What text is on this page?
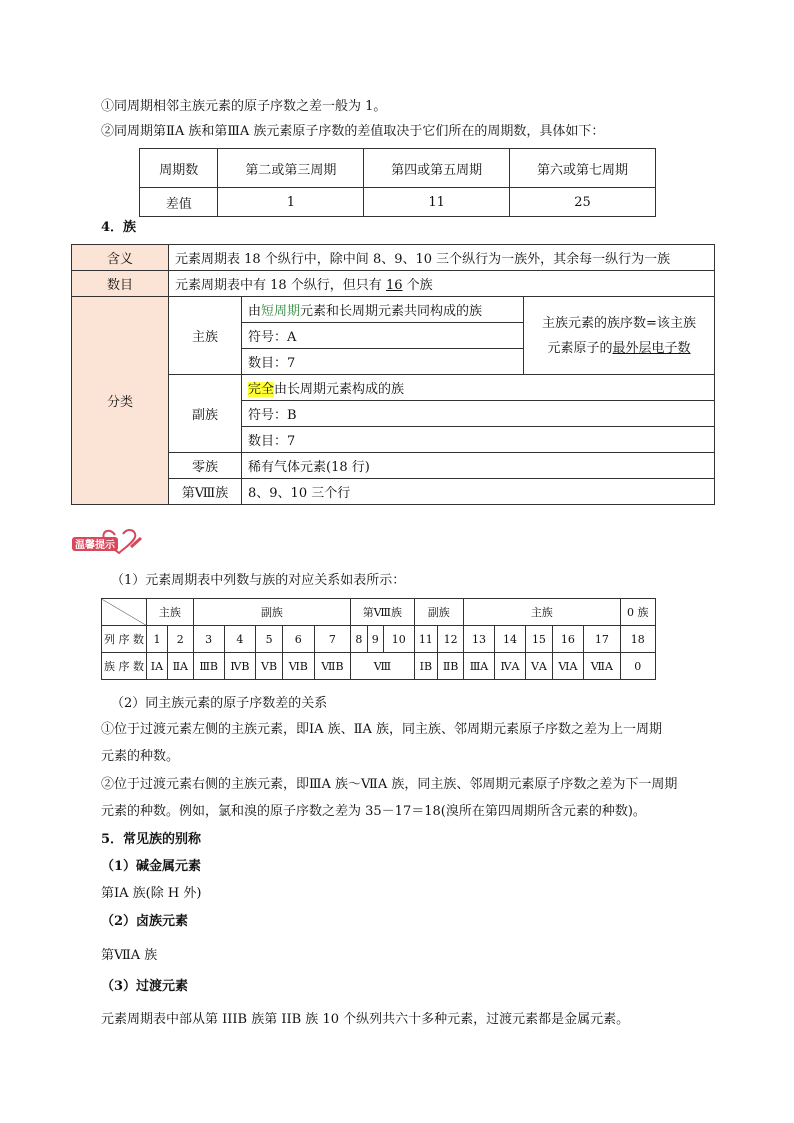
①同周期相邻主族元素的原子序数之差一般为 1。
②同周期第ⅡA 族和第ⅢA 族元素原子序数的差值取决于它们所在的周期数，具体如下：
周期数	第二或第三周期	第四或第五周期	第六或第七周期
差值	1	11	25
4．族
含义	元素周期表 18 个纵行中，除中间 8、9、10 三个纵行为一族外，其余每一纵行为一族		
数目	元素周期表中有 18 个纵行，但只有 16 个族		
分类	主族	由短周期元素和长周期元素共同构成的族	主族元素的族序数=该主族
元素原子的最外层电子数

		符号：A	
		数目：7	
	副族	完全由长周期元素构成的族	
		符号：B	
		数目：7	
	零族	稀有气体元素(18 行)	
	第Ⅷ族	8、9、10 三个行	
温馨提示
（1）元素周期表中列数与族的对应关系如表所示：
	主族		副族					第Ⅷ族			副族		主族					0 族
列 序 数	1	2	3	4	5	6	7	8	9	10	11	12	13	14	15	16	17	18
族 序 数	ⅠA	ⅡA	ⅢB	ⅣB	ⅤB	ⅥB	ⅦB	Ⅷ			ⅠB	ⅡB	ⅢA	ⅣA	ⅤA	ⅥA	ⅦA	0
（2）同主族元素的原子序数差的关系
①位于过渡元素左侧的主族元素，即ⅠA 族、ⅡA 族，同主族、邻周期元素原子序数之差为上一周期
元素的种数。
②位于过渡元素右侧的主族元素，即ⅢA 族～ⅦA 族，同主族、邻周期元素原子序数之差为下一周期
元素的种数。例如，氯和溴的原子序数之差为 35－17＝18(溴所在第四周期所含元素的种数)。
5．常见族的别称
（1）碱金属元素
第ⅠA 族(除 H 外)
（2）卤族元素
第ⅦA 族
（3）过渡元素
元素周期表中部从第 IIIB 族第 IIB 族 10 个纵列共六十多种元素，过渡元素都是金属元素。
